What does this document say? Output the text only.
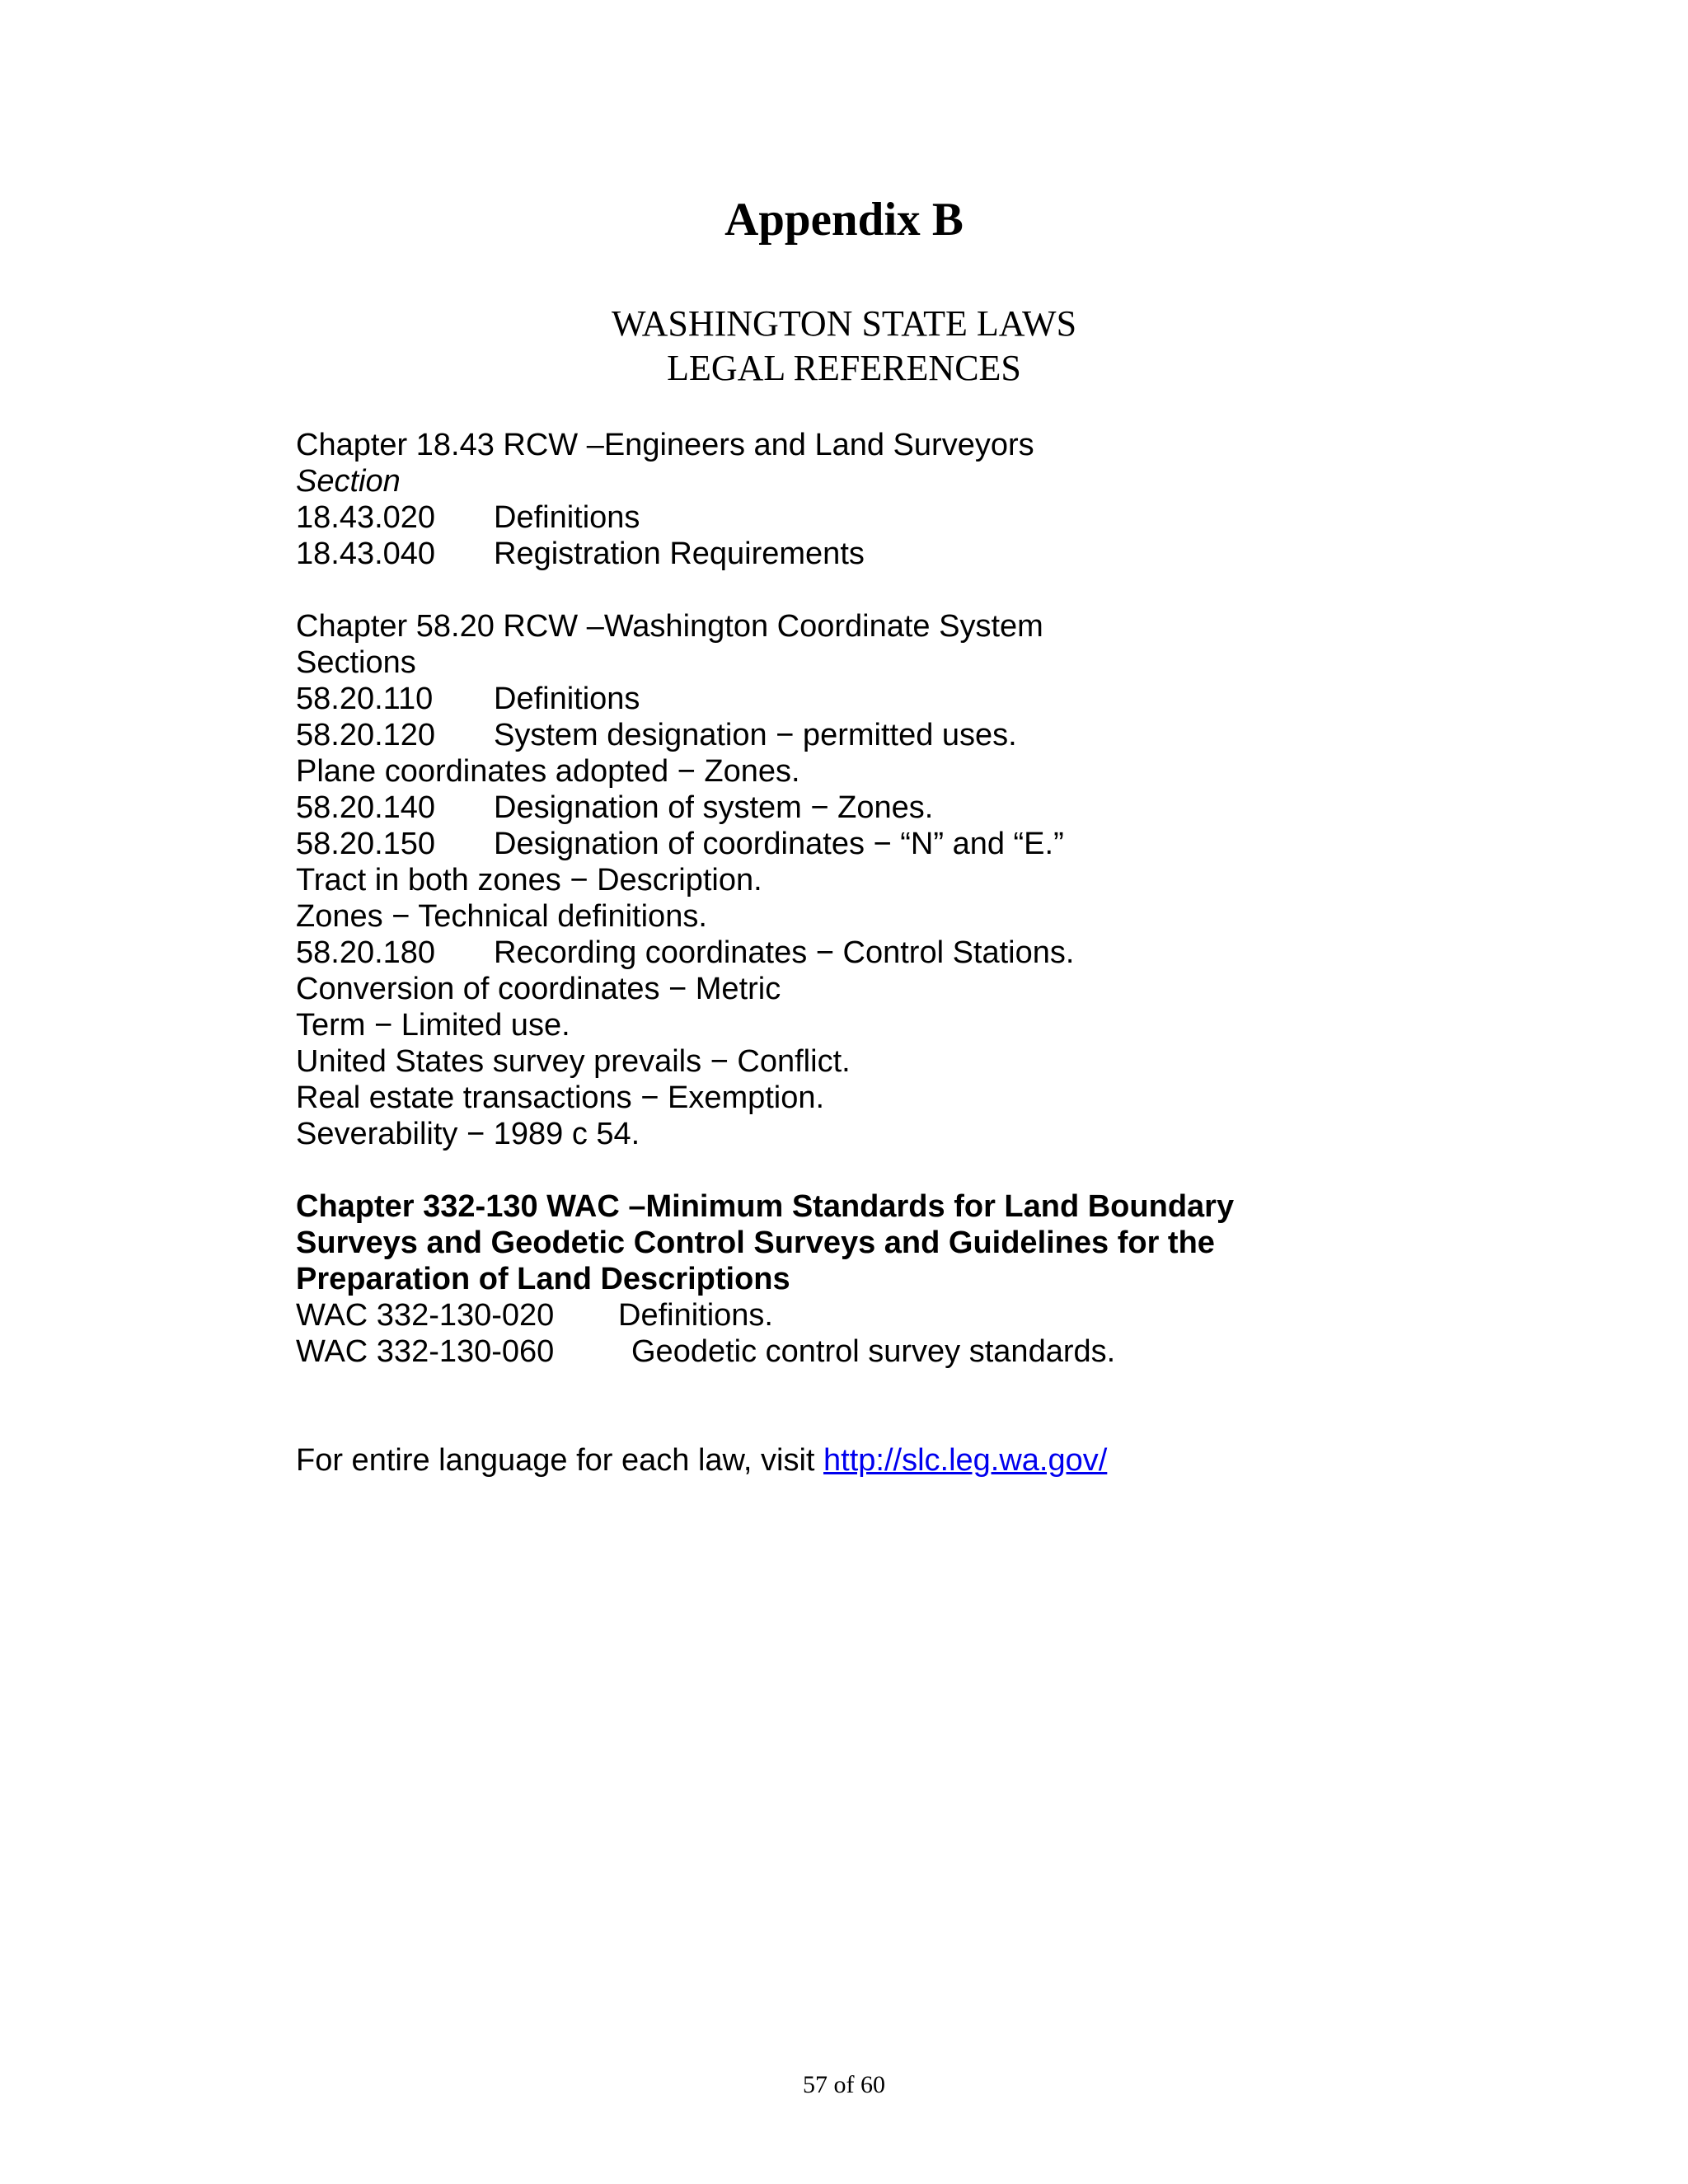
Appendix B
WASHINGTON STATE LAWS
LEGAL REFERENCES
Chapter 18.43 RCW –Engineers and Land Surveyors
Section
18.43.020 Definitions
18.43.040 Registration Requirements
Chapter 58.20 RCW –Washington Coordinate System
Sections
58.20.110 Definitions
58.20.120 System designation − permitted uses.
Plane coordinates adopted − Zones.
58.20.140 Designation of system − Zones.
58.20.150 Designation of coordinates − “N” and “E.”
Tract in both zones − Description.
Zones − Technical definitions.
58.20.180 Recording coordinates − Control Stations.
Conversion of coordinates − Metric
Term − Limited use.
United States survey prevails − Conflict.
Real estate transactions − Exemption.
Severability − 1989 c 54.
Chapter 332-130 WAC –Minimum Standards for Land Boundary
Surveys and Geodetic Control Surveys and Guidelines for the
Preparation of Land Descriptions
WAC 332-130-020 Definitions.
WAC 332-130-060 Geodetic control survey standards.
For entire language for each law, visit http://slc.leg.wa.gov/
57 of 60
